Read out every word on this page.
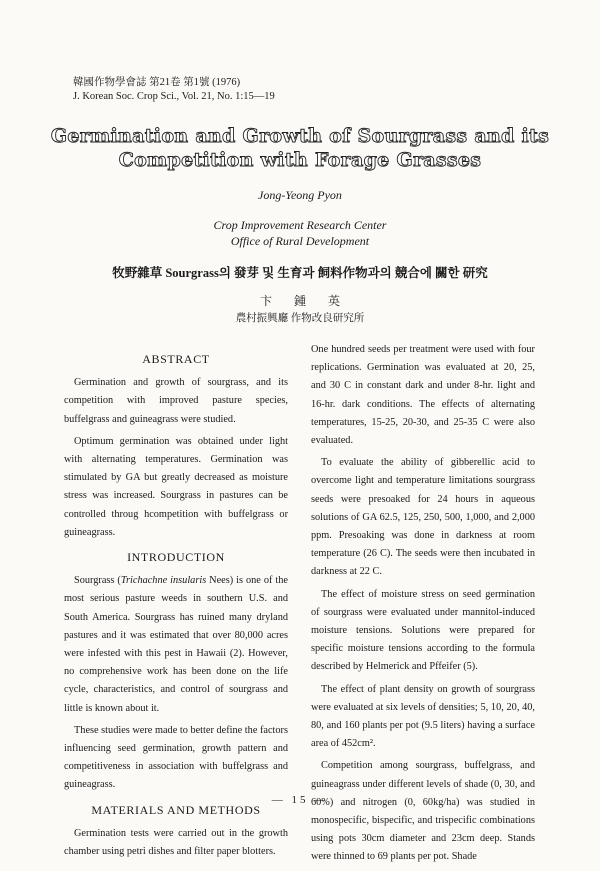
韓國作物學會誌 第21卷 第1號 (1976)
J. Korean Soc. Crop Sci., Vol. 21, No. 1:15—19
Germination and Growth of Sourgrass and its
Competition with Forage Grasses
Jong-Yeong Pyon
Crop Improvement Research Center
Office of Rural Development
牧野雜草 Sourgrass의 發芽 및 生育과 飼料作物과의 競合에 關한 研究
卞鍾英
農村振興廳 作物改良研究所
ABSTRACT

Germination and growth of sourgrass, and its competition with improved pasture species, buffelgrass and guineagrass were studied.

Optimum germination was obtained under light with alternating temperatures. Germination was stimulated by GA but greatly decreased as moisture stress was increased. Sourgrass in pastures can be controlled throug hcompetition with buffelgrass or guineagrass.

INTRODUCTION

Sourgrass (Trichachne insularis Nees) is one of the most serious pasture weeds in southern U.S. and South America. Sourgrass has ruined many dryland pastures and it was estimated that over 80,000 acres were infested with this pest in Hawaii (2). However, no comprehensive work has been done on the life cycle, characteristics, and control of sourgrass and little is known about it.

These studies were made to better define the factors influencing seed germination, growth pattern and competitiveness in association with buffelgrass and guineagrass.

MATERIALS AND METHODS

Germination tests were carried out in the growth chamber using petri dishes and filter paper blotters.

One hundred seeds per treatment were used with four replications. Germination was evaluated at 20, 25, and 30 C in constant dark and under 8-hr. light and 16-hr. dark conditions. The effects of alternating temperatures, 15-25, 20-30, and 25-35 C were also evaluated.

To evaluate the ability of gibberellic acid to overcome light and temperature limitations sourgrass seeds were presoaked for 24 hours in aqueous solutions of GA 62.5, 125, 250, 500, 1,000, and 2,000 ppm. Presoaking was done in darkness at room temperature (26 C). The seeds were then incubated in darkness at 22 C.

The effect of moisture stress on seed germination of sourgrass were evaluated under mannitol-induced moisture tensions. Solutions were prepared for specific moisture tensions according to the formula described by Helmerick and Pffeifer (5).

The effect of plant density on growth of sourgrass were evaluated at six levels of densities; 5, 10, 20, 40, 80, and 160 plants per pot (9.5 liters) having a surface area of 452cm².

Competition among sourgrass, buffelgrass, and guineagrass under different levels of shade (0, 30, and 60%) and nitrogen (0, 60kg/ha) was studied in monospecific, bispecific, and trispecific combinations using pots 30cm diameter and 23cm deep. Stands were thinned to 69 plants per pot. Shade

— 15 —
